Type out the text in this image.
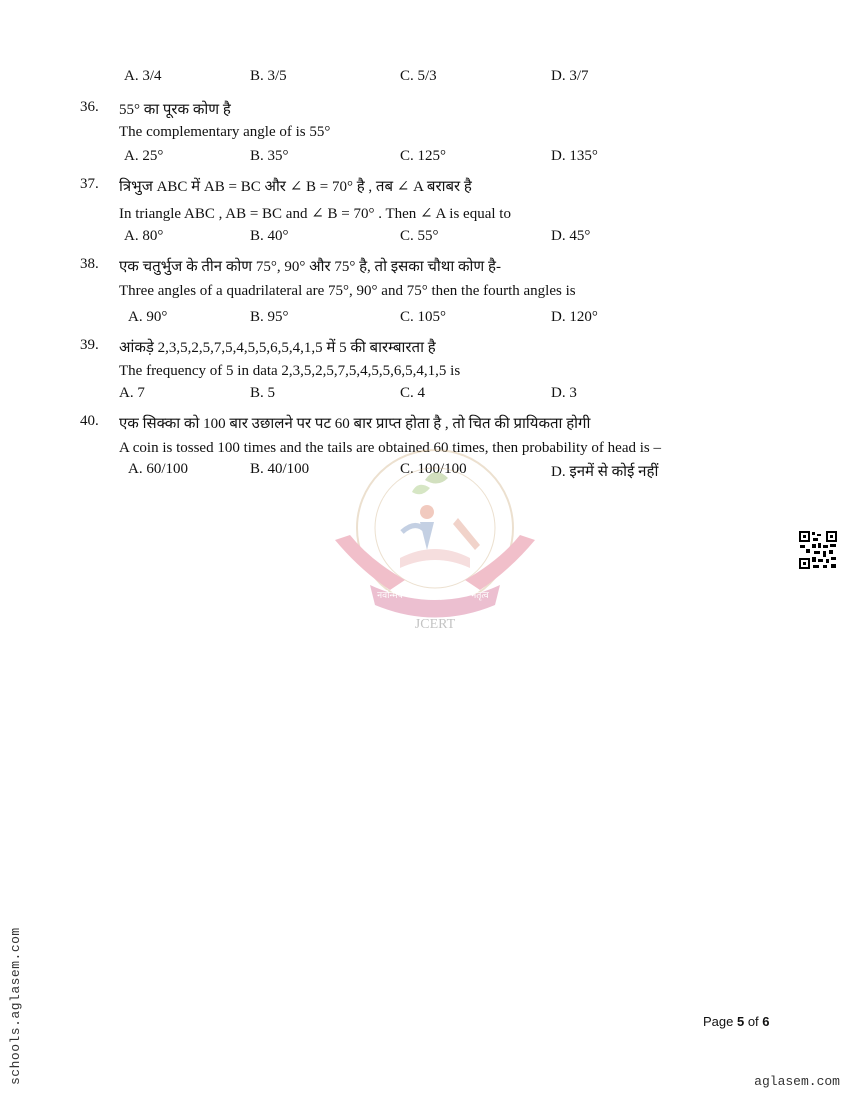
A. 3/4	B. 3/5	C. 5/3	D. 3/7
36. 55° का पूरक कोण है
The complementary angle of is 55°
A. 25°	B. 35°	C. 125°	D. 135°
37. त्रिभुज ABC में AB = BC और ∠ B = 70° है , तब ∠ A बराबर है
In triangle ABC , AB = BC and ∠ B = 70° . Then ∠ A is equal to
A. 80°	B. 40°	C. 55°	D. 45°
38. एक चतुर्भुज के तीन कोण 75°, 90° और 75° है, तो इसका चौथा कोण है-
Three angles of a quadrilateral are 75°, 90° and 75° then the fourth angles is
A. 90°	B. 95°	C. 105°	D. 120°
39. आंकड़े 2,3,5,2,5,7,5,4,5,5,6,5,4,1,5 में 5 की बारम्बारता है
The frequency of 5 in data 2,3,5,2,5,7,5,4,5,5,6,5,4,1,5 is
A. 7	B. 5	C. 4	D. 3
40. एक सिक्का को 100 बार उछालने पर पट 60 बार प्राप्त होता है , तो चित की प्रायिकता होगी
A coin is tossed 100 times and the tails are obtained 60 times, then probability of head is –
A. 60/100	B. 40/100	C. 100/100	D. इनमें से कोई नहीं
JCERT
नवोन्मेष	शोध	नेतृत्व
schools.aglasem.com	Page 5 of 6
aglasem.com
